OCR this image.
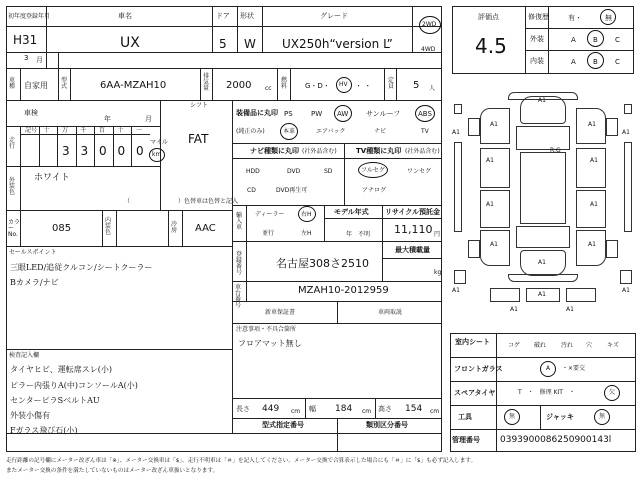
初年度登録年月	車名	ドア 形状	グレード
H31
3 月
UX	5 W UX250h“version L”
2WD
4WD
車種 自家用
型式	6AA-MZAH10
排気量 2000 cc
燃料	G・D・ HV ・ ・
定員 5 人
評価点
4.5
修復歴	有・	無
外装	A B C
内装	A B C
シフト
車検
年	月
FAT
走行
記号 十 万 千 百 十 一
3 3 0 0 0
マイル
km
外装色
ホワイト
（　　　　　　　　）色替車は色替と記入
カラーNo.
085
内装色
冷房 AAC
セールスポイント
三眼LED/追従クルコン/シートクーラー
Bカメラ/ナビ
検査記入欄
タイヤヒビ、運転席スレ(小)
ピラー内張りA(中)コンソールA(小)
センターピラSベルトAU
外装小傷有
Fガラス飛び石(小)
装備品に丸印
(純正のみ)
PS	PW AW	サンルーフ	ABS
本革	エアバック	ナビ	TV
ナビ種類に丸印 (社外品含む)	TV種類に丸印 (社外品含む)
HDD	DVD	SD
CD	DVD再生可
フルセグ	ワンセグ
アナログ
輸入車
ディーラー	右H
並行	左H
モデル年式
年　不明
リサイクル預託金
11,110 円
登録番号
名古屋308さ2510
最大積載量
kg
車台番号
MZAH10-2012959
新車保証書	車両取説
注意事項・不具合箇所
フロアマット無し
長さ 449 cm 幅 184 cm 高さ 154 cm
型式指定番号	類別区分番号
A1
A1	A1
A1	A1
A1	A1
A1	A1
A1	A1
A1
A1
A1	A1
A1	A1
R:G
室内シート	コゲ 破れ 汚れ 穴 キズ
フロントガラス	A ・×要交
スペアタイヤ	T　・　修理 KIT　・	欠
工具	無	ジャッキ	無
管理番号 0393900086250900143l
走行距離の記号欄にメーター改ざん車は「※」、メーター交換車は「$」、走行不明車は「＃」を記入してください。メーター交換で合算表示した場合にも「＃」に「$」も必ず記入します。
またメーター交換の条件を満たしていないものはメーター改ざん車扱いとなります。
